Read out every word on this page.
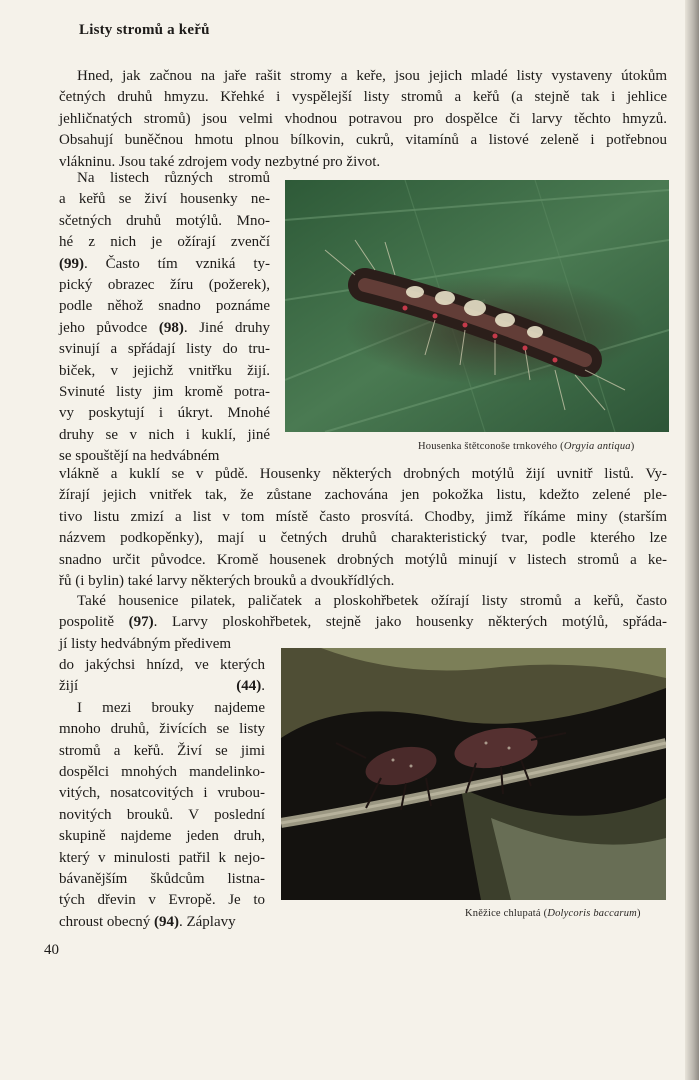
Listy stromů a keřů
Hned, jak začnou na jaře rašit stromy a keře, jsou jejich mladé listy vystaveny útokům
četných druhů hmyzu. Křehké i vyspělejší listy stromů a keřů (a stejně tak i jehlice
jehličnatých stromů) jsou velmi vhodnou potravou pro dospělce či larvy těchto hmyzů.
Obsahují buněčnou hmotu plnou bílkovin, cukrů, vitamínů a listové zeleně i potřebnou
vlákninu. Jsou také zdrojem vody nezbytné pro život.
Na listech různých stromů
a keřů se živí housenky ne-
sčetných druhů motýlů. Mno-
hé z nich je ožírají zvenčí
(99). Často tím vzniká ty-
pický obrazec žíru (požerek),
podle něhož snadno poznáme
jeho původce (98). Jiné druhy
svinují a spřádají listy do tru-
biček, v jejichž vnitřku žijí.
Svinuté listy jim kromě potra-
vy poskytují i úkryt. Mnohé
druhy se v nich i kuklí, jiné
se spouštějí na hedvábném
Housenka štětconoše trnkového (Orgyia antiqua)
vlákně a kuklí se v půdě. Housenky některých drobných motýlů žijí uvnitř listů. Vy-
žírají jejich vnitřek tak, že zůstane zachována jen pokožka listu, kdežto zelené ple-
tivo listu zmizí a list v tom místě často prosvítá. Chodby, jimž říkáme miny (starším
názvem podkopěnky), mají u četných druhů charakteristický tvar, podle kterého lze
snadno určit původce. Kromě housenek drobných motýlů minují v listech stromů a ke-
řů (i bylin) také larvy některých brouků a dvoukřídlých.
Také housenice pilatek, paličatek a ploskohřbetek ožírají listy stromů a keřů, často
pospolitě (97). Larvy ploskohřbetek, stejně jako housenky některých motýlů, spřáda-
jí listy hedvábným předivem
do jakýchsi hnízd, ve kterých
žijí (44).
I mezi brouky najdeme
mnoho druhů, živících se listy
stromů a keřů. Živí se jimi
dospělci mnohých mandelinko-
vitých, nosatcovitých i vrubou-
novitých brouků. V poslední
skupině najdeme jeden druh,
který v minulosti patřil k nejo-
bávanějším škůdcům listna-
tých dřevin v Evropě. Je to
chroust obecný (94). Záplavy
Kněžice chlupatá (Dolycoris baccarum)
40
